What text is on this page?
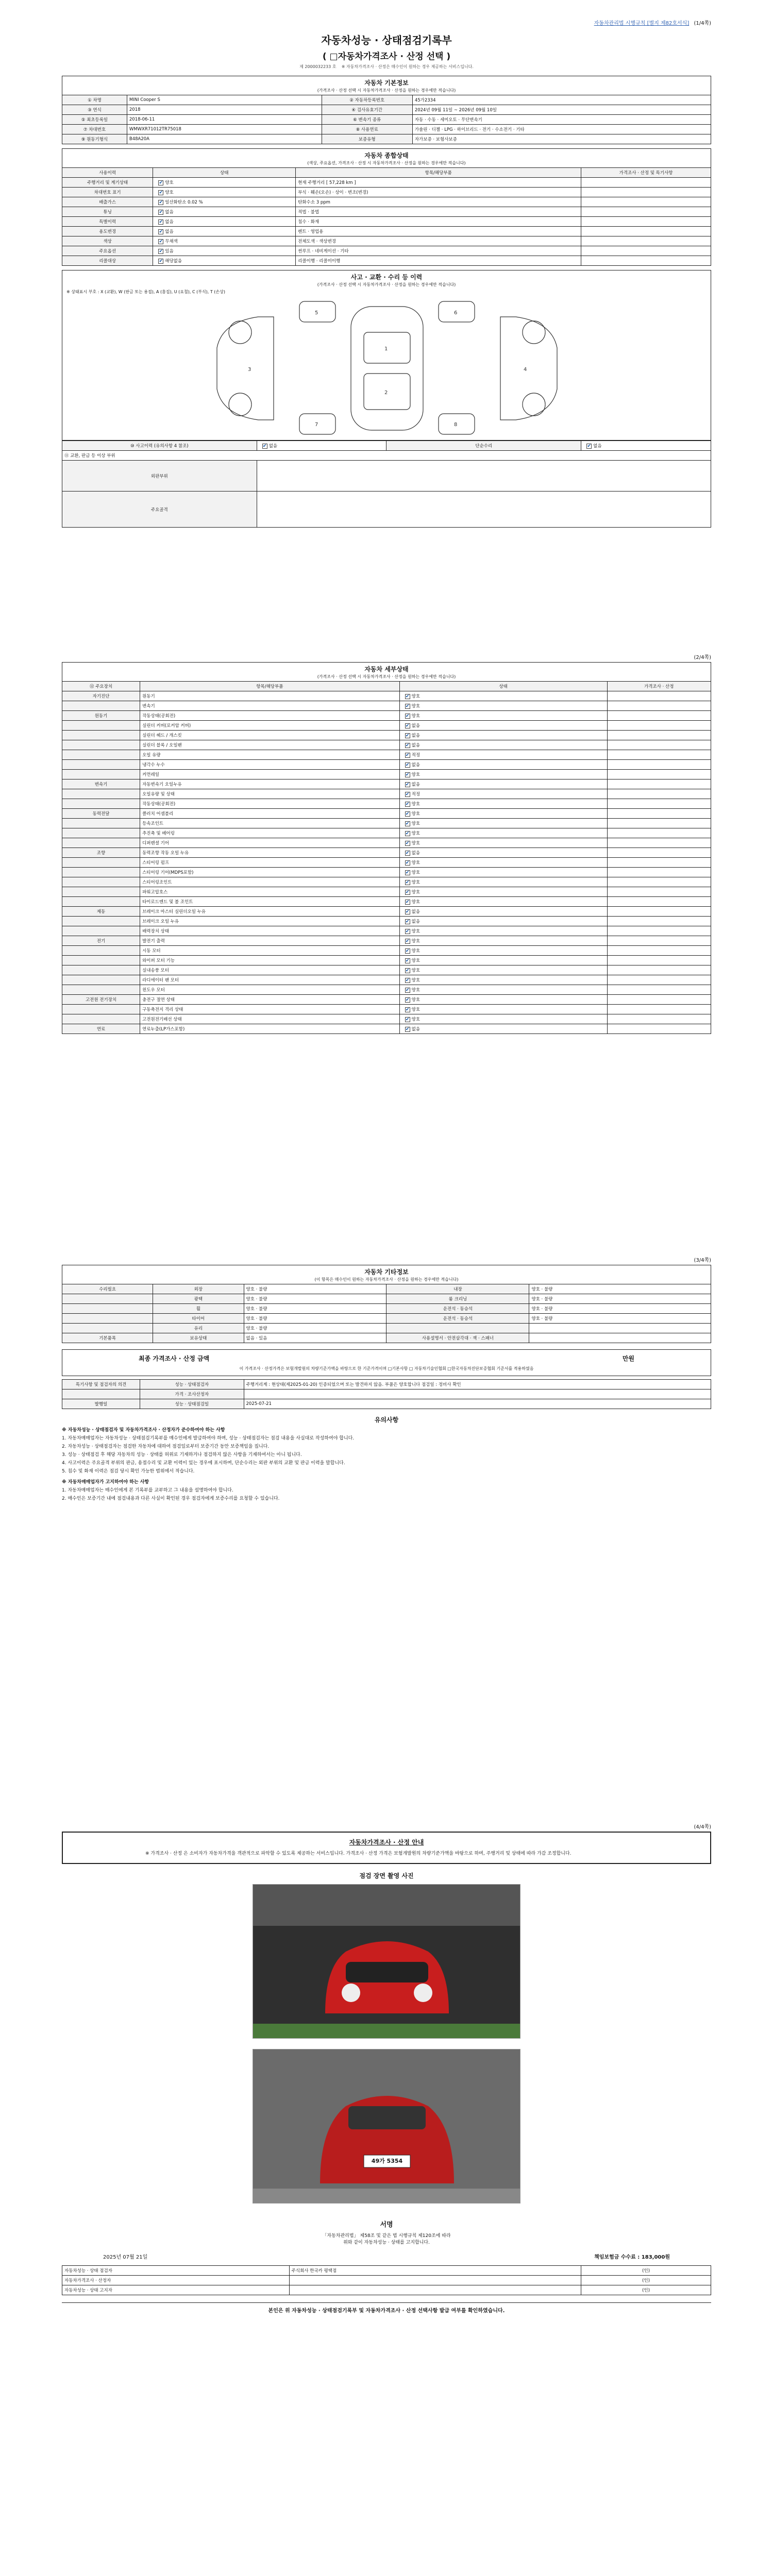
자동차관리법 시행규칙 [별지 제82호서식] (1/4쪽)
자동차성능 · 상태점검기록부
( □자동차가격조사 · 산정 선택 )
제 2000032233 호 ※ 자동차가격조사 · 산정은 매수인이 원하는 경우 제공하는 서비스입니다.
자동차 기본정보
(가격조사 · 산정 선택 시 자동차가격조사 · 산정을 원하는 경우에만 적습니다)
① 차명	MINI Cooper S	② 자동차등록번호	45가2334
③ 연식	2018	④ 검사유효기간	2024년 09월 11일 ~ 2026년 09월 10일
⑤ 최초등록일	2018-06-11	⑥ 변속기 종류	자동 · 수동 · 세미오토 · 무단변속기
⑦ 차대번호	WMWXR71012TR75018	⑧ 사용연료	가솔린 · 디젤 · LPG · 하이브리드 · 전기 · 수소전기 · 기타
⑨ 원동기형식	B48A20A	보증유형	자가보증 · 보험사보증
자동차 종합상태
(색상, 주요옵션, 가격조사 · 산정 시 자동차가격조사 · 산정을 원하는 경우에만 적습니다)
사용이력	상태	항목/해당부품	가격조사 · 산정 및 특기사항
주행거리 및 계기상태	✔양호	현재 주행거리 [ 57,228 km ]	
차대번호 표기	✔양호	부식 · 훼손(오손) · 상이 · 변조(변경)	
배출가스	✔일산화탄소 0.02 %	탄화수소 3 ppm	
튜닝	✔없음	적법 · 불법	
특별이력	✔없음	침수 · 화재	
용도변경	✔없음	렌트 · 영업용	
색상	✔무채색	전체도색 · 색상변경	
주요옵션	✔있음	썬루프 · 네비게이션 · 기타	
리콜대상	✔해당없음	리콜이행 · 리콜미이행	
사고 · 교환 · 수리 등 이력
(가격조사 · 산정 선택 시 자동차가격조사 · 산정을 원하는 경우에만 적습니다)
※ 상태표시 부호 : X (교환), W (판금 또는 용접), A (흠집), U (요철), C (부식), T (손상)
1
2
3	4
5	6
7	8
⑩ 사고이력 (유의사항 4 참조)	✔없음	단순수리	✔없음
⑪ 교환, 판금 등 이상 부위			
외판부위			
주요골격			
(2/4쪽)
자동차 세부상태
(가격조사 · 산정 선택 시 자동차가격조사 · 산정을 원하는 경우에만 적습니다)
⑫ 주요장치	항목/해당부품	상태	가격조사 · 산정
자기진단	원동기	✔양호	
	변속기	✔양호	
원동기	작동상태(공회전)	✔양호	
	실린더 커버(로커암 커버)	✔없음	
	실린더 헤드 / 개스킷	✔없음	
	실린더 블록 / 오일팬	✔없음	
	오일 유량	✔적정	
	냉각수 누수	✔없음	
	커먼레일	✔양호	
변속기	자동변속기 오일누유	✔없음	
	오일유량 및 상태	✔적정	
	작동상태(공회전)	✔양호	
동력전달	클러치 어셈블리	✔양호	
	등속조인트	✔양호	
	추진축 및 베어링	✔양호	
	디퍼렌셜 기어	✔양호	
조향	동력조향 작동 오일 누유	✔없음	
	스티어링 펌프	✔양호	
	스티어링 기어(MDPS포함)	✔양호	
	스티어링조인트	✔양호	
	파워고압호스	✔양호	
	타이로드엔드 및 볼 조인트	✔양호	
제동	브레이크 마스터 실린더오일 누유	✔없음	
	브레이크 오일 누유	✔없음	
	배력장치 상태	✔양호	
전기	발전기 출력	✔양호	
	시동 모터	✔양호	
	와이퍼 모터 기능	✔양호	
	실내송풍 모터	✔양호	
	라디에이터 팬 모터	✔양호	
	윈도우 모터	✔양호	
고전원 전기장치	충전구 절연 상태	✔양호	
	구동축전지 격리 상태	✔양호	
	고전원전기배선 상태	✔양호	
연료	연료누출(LP가스포함)	✔없음	
(3/4쪽)
자동차 기타정보
(이 항목은 매수인이 원하는 자동차가격조사 · 산정을 원하는 경우에만 적습니다)
수리필요	외장	양호 · 불량	내장	양호 · 불량
	광택	양호 · 불량	룸 크리닝	양호 · 불량
	휠	양호 · 불량	운전석 · 동승석	양호 · 불량
	타이어	양호 · 불량	운전석 · 동승석	양호 · 불량
	유리	양호 · 불량		
기본품목	보유상태	없음 · 있음	사용설명서 · 안전삼각대 · 잭 · 스패너	
최종 가격조사 · 산정 금액	만원
이 가격조사 · 산정가격은 보험개발원의 차량기준가액을 바탕으로 한 기준가격이며 □기본사항 □ 자동차기술인협회 □한국자동차진단보증협회 기준서를 적용하였음
특기사항 및 점검자의 의견	성능 · 상태점검자	주행거리계 : 현상태(제2025-01-20) 인증되었으며 또는 발견하지 않음. 부품은 양호합니다 점검일 : 정비사 확인
	가격 · 조사산정자	
발행일	성능 · 상태점검일	2025-07-21
유의사항

※ 자동차성능 · 상태점검자 및 자동차가격조사 · 산정자가 준수하여야 하는 사항

1. 자동차매매업자는 자동차성능 · 상태점검기록부를 매수인에게 발급하여야 하며, 성능 · 상태점검자는 점검 내용을 사실대로 작성하여야 합니다.

2. 자동차성능 · 상태점검자는 점검한 자동차에 대하여 점검일로부터 보증기간 동안 보증책임을 집니다.

3. 성능 · 상태점검 후 해당 자동차의 성능 · 상태를 허위로 기재하거나 점검하지 않은 사항을 기재하여서는 아니 됩니다.

4. 사고이력은 주요골격 부위의 판금, 용접수리 및 교환 이력이 있는 경우에 표시하며, 단순수리는 외판 부위의 교환 및 판금 이력을 말합니다.

5. 침수 및 화재 이력은 점검 당시 확인 가능한 범위에서 적습니다.

※ 자동차매매업자가 고지하여야 하는 사항

1. 자동차매매업자는 매수인에게 본 기록부를 교부하고 그 내용을 설명하여야 합니다.

2. 매수인은 보증기간 내에 점검내용과 다른 사실이 확인된 경우 점검자에게 보증수리를 요청할 수 있습니다.

(4/4쪽)
자동차가격조사 · 산정 안내
※ 가격조사 · 산정 은 소비자가 자동차가격을 객관적으로 파악할 수 있도록 제공하는 서비스입니다. 가격조사 · 산정 가격은 보험개발원의 차량기준가액을 바탕으로 하며, 주행거리 및 상태에 따라 가감 조정합니다.
점검 장면 촬영 사진
49가 5354
서명
「자동차관리법」 제58조 및 같은 법 시행규칙 제120조에 따라
위와 같이 자동차성능 · 상태를 고지합니다.
2025년 07월 21일	책임보험금 수수료 : 183,000원
자동차성능 · 상태 점검자	주식회사 한국카 평택점	(인)
자동차가격조사 · 산정자		(인)
자동차성능 · 상태 고지자		(인)
본인은 위 자동차성능 · 상태점검기록부 및 자동차가격조사 · 산정 선택사항 발급 여부를 확인하였습니다.
